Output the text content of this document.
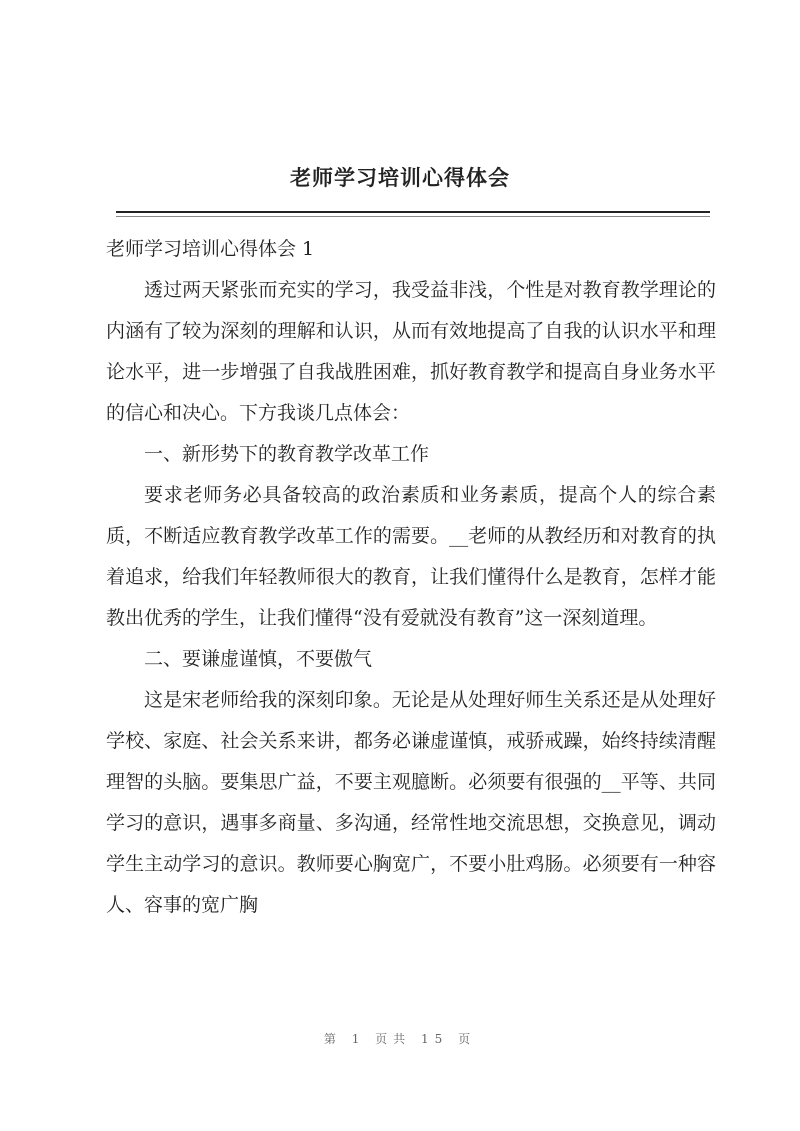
老师学习培训心得体会

老师学习培训心得体会 1

透过两天紧张而充实的学习，我受益非浅，个性是对教育教学理论的内涵有了较为深刻的理解和认识，从而有效地提高了自我的认识水平和理论水平，进一步增强了自我战胜困难，抓好教育教学和提高自身业务水平的信心和决心。下方我谈几点体会：

一、新形势下的教育教学改革工作

要求老师务必具备较高的政治素质和业务素质，提高个人的综合素质，不断适应教育教学改革工作的需要。__老师的从教经历和对教育的执着追求，给我们年轻教师很大的教育，让我们懂得什么是教育，怎样才能教出优秀的学生，让我们懂得“没有爱就没有教育”这一深刻道理。

二、要谦虚谨慎，不要傲气

这是宋老师给我的深刻印象。无论是从处理好师生关系还是从处理好学校、家庭、社会关系来讲，都务必谦虚谨慎，戒骄戒躁，始终持续清醒理智的头脑。要集思广益，不要主观臆断。必须要有很强的__平等、共同学习的意识，遇事多商量、多沟通，经常性地交流思想，交换意见，调动学生主动学习的意识。教师要心胸宽广，不要小肚鸡肠。必须要有一种容人、容事的宽广胸

第 1 页共 15 页
